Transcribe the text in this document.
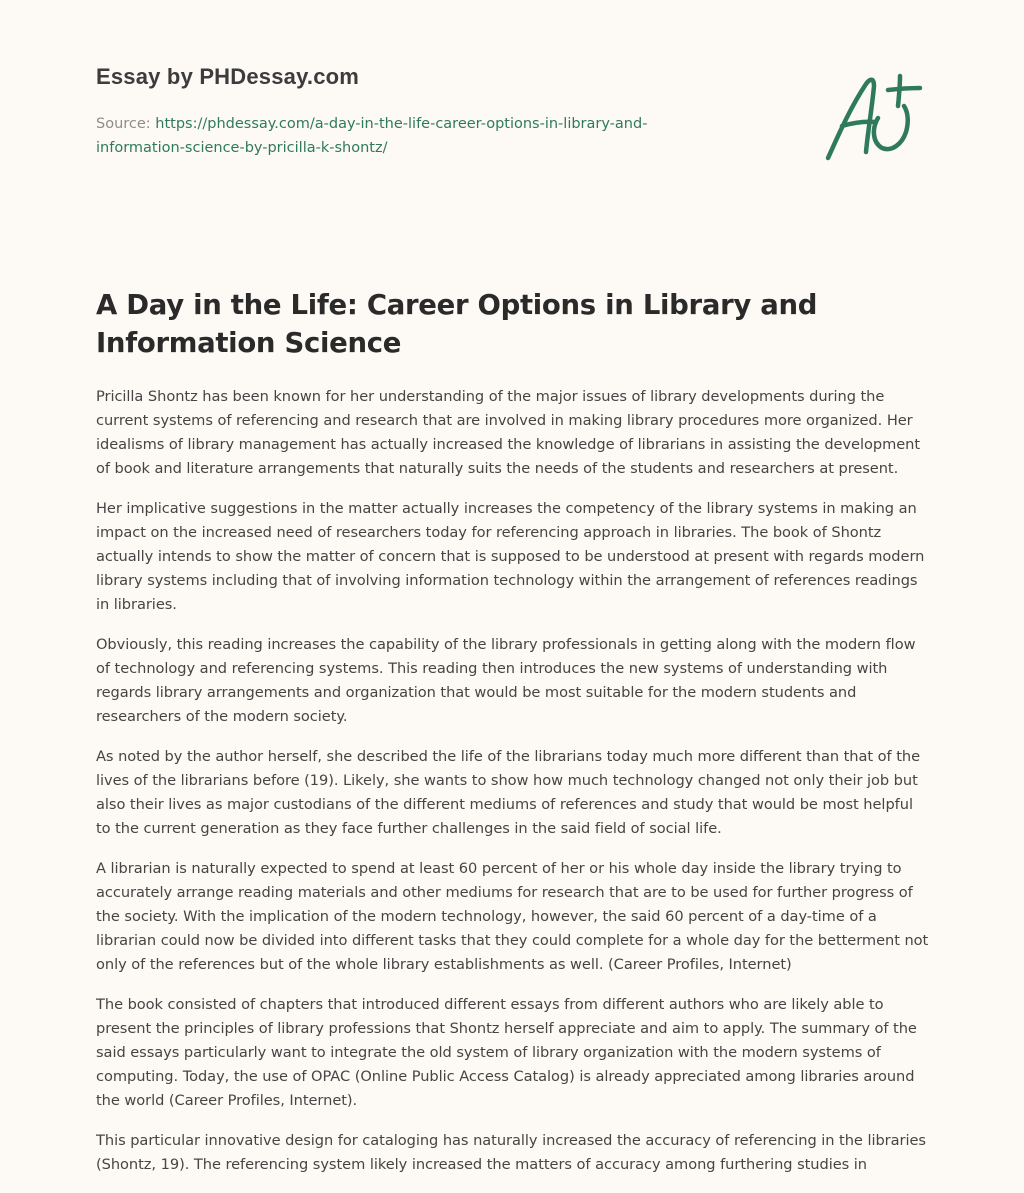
Essay by PHDessay.com
Source: https://phdessay.com/a-day-in-the-life-career-options-in-library-and-
information-science-by-pricilla-k-shontz/
A Day in the Life: Career Options in Library and Information Science

Pricilla Shontz has been known for her understanding of the major issues of library developments during the current systems of referencing and research that are involved in making library procedures more organized. Her idealisms of library management has actually increased the knowledge of librarians in assisting the development of book and literature arrangements that naturally suits the needs of the students and researchers at present.

Her implicative suggestions in the matter actually increases the competency of the library systems in making an impact on the increased need of researchers today for referencing approach in libraries. The book of Shontz actually intends to show the matter of concern that is supposed to be understood at present with regards modern library systems including that of involving information technology within the arrangement of references readings in libraries.

Obviously, this reading increases the capability of the library professionals in getting along with the modern flow of technology and referencing systems. This reading then introduces the new systems of understanding with regards library arrangements and organization that would be most suitable for the modern students and researchers of the modern society.

As noted by the author herself, she described the life of the librarians today much more different than that of the lives of the librarians before (19). Likely, she wants to show how much technology changed not only their job but also their lives as major custodians of the different mediums of references and study that would be most helpful to the current generation as they face further challenges in the said field of social life.

A librarian is naturally expected to spend at least 60 percent of her or his whole day inside the library trying to accurately arrange reading materials and other mediums for research that are to be used for further progress of the society. With the implication of the modern technology, however, the said 60 percent of a day-time of a librarian could now be divided into different tasks that they could complete for a whole day for the betterment not only of the references but of the whole library establishments as well. (Career Profiles, Internet)

The book consisted of chapters that introduced different essays from different authors who are likely able to present the principles of library professions that Shontz herself appreciate and aim to apply. The summary of the said essays particularly want to integrate the old system of library organization with the modern systems of computing. Today, the use of OPAC (Online Public Access Catalog) is already appreciated among libraries around the world (Career Profiles, Internet).

This particular innovative design for cataloging has naturally increased the accuracy of referencing in the libraries (Shontz, 19). The referencing system likely increased the matters of accuracy among furthering studies in
